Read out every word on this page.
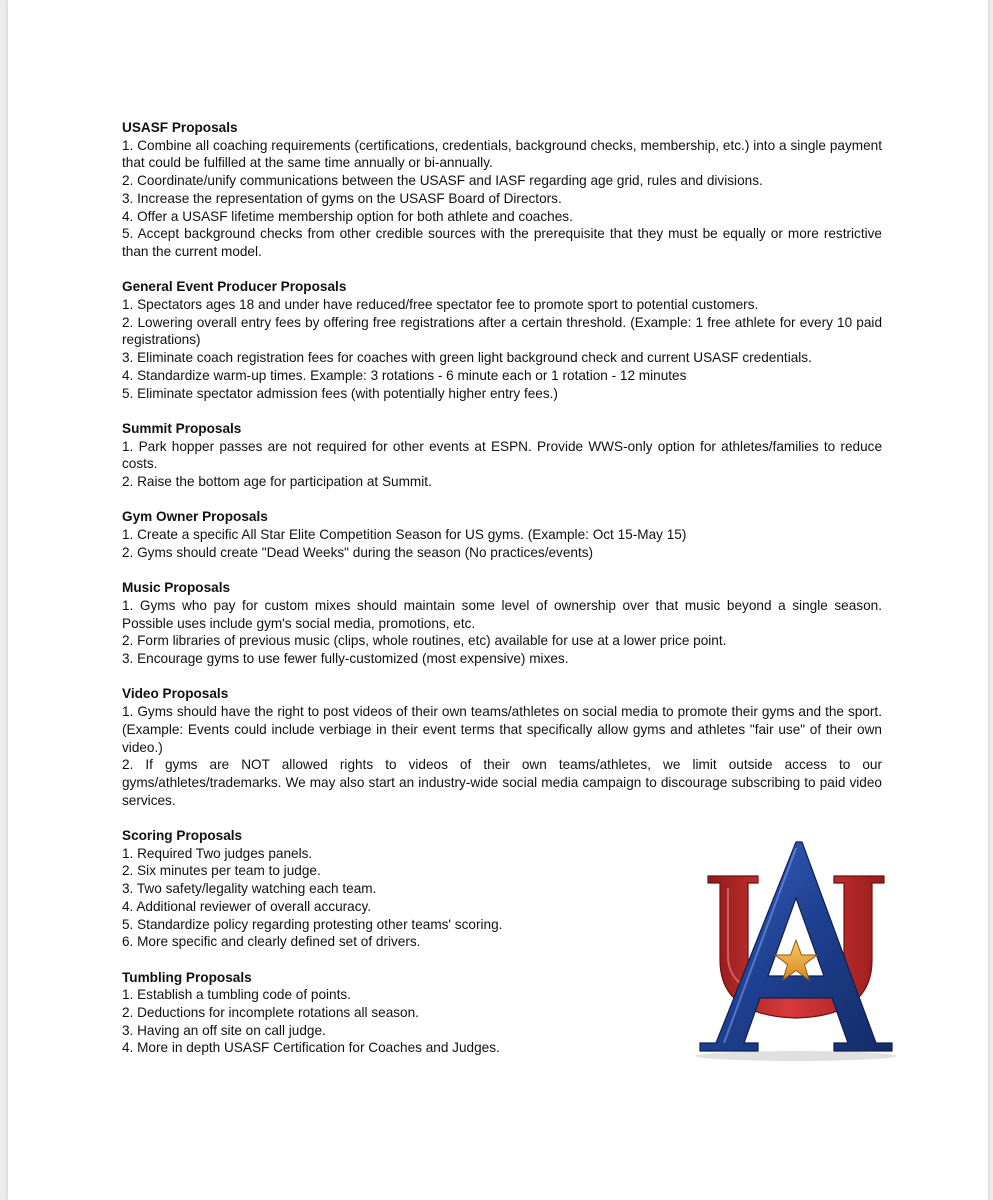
USASF Proposals

1. Combine all coaching requirements (certifications, credentials, background checks, membership, etc.) into a single payment that could be fulfilled at the same time annually or bi-annually.

2. Coordinate/unify communications between the USASF and IASF regarding age grid, rules and divisions.

3. Increase the representation of gyms on the USASF Board of Directors.

4. Offer a USASF lifetime membership option for both athlete and coaches.

5. Accept background checks from other credible sources with the prerequisite that they must be equally or more restrictive than the current model.

General Event Producer Proposals

1. Spectators ages 18 and under have reduced/free spectator fee to promote sport to potential customers.

2. Lowering overall entry fees by offering free registrations after a certain threshold. (Example: 1 free athlete for every 10 paid registrations)

3. Eliminate coach registration fees for coaches with green light background check and current USASF credentials.

4. Standardize warm-up times. Example: 3 rotations - 6 minute each or 1 rotation - 12 minutes

5. Eliminate spectator admission fees (with potentially higher entry fees.)

Summit Proposals

1. Park hopper passes are not required for other events at ESPN. Provide WWS-only option for athletes/families to reduce costs.

2. Raise the bottom age for participation at Summit.

Gym Owner Proposals

1. Create a specific All Star Elite Competition Season for US gyms. (Example: Oct 15-May 15)

2. Gyms should create "Dead Weeks" during the season (No practices/events)

Music Proposals

1. Gyms who pay for custom mixes should maintain some level of ownership over that music beyond a single season. Possible uses include gym's social media, promotions, etc.

2. Form libraries of previous music (clips, whole routines, etc) available for use at a lower price point.

3. Encourage gyms to use fewer fully-customized (most expensive) mixes.

Video Proposals

1. Gyms should have the right to post videos of their own teams/athletes on social media to promote their gyms and the sport. (Example: Events could include verbiage in their event terms that specifically allow gyms and athletes "fair use" of their own video.)

2. If gyms are NOT allowed rights to videos of their own teams/athletes, we limit outside access to our gyms/athletes/trademarks. We may also start an industry-wide social media campaign to discourage subscribing to paid video services.

Scoring Proposals

1. Required Two judges panels.

2. Six minutes per team to judge.

3. Two safety/legality watching each team.

4. Additional reviewer of overall accuracy.

5. Standardize policy regarding protesting other teams' scoring.

6. More specific and clearly defined set of drivers.

Tumbling Proposals

1. Establish a tumbling code of points.

2. Deductions for incomplete rotations all season.

3. Having an off site on call judge.

4. More in depth USASF Certification for Coaches and Judges.
